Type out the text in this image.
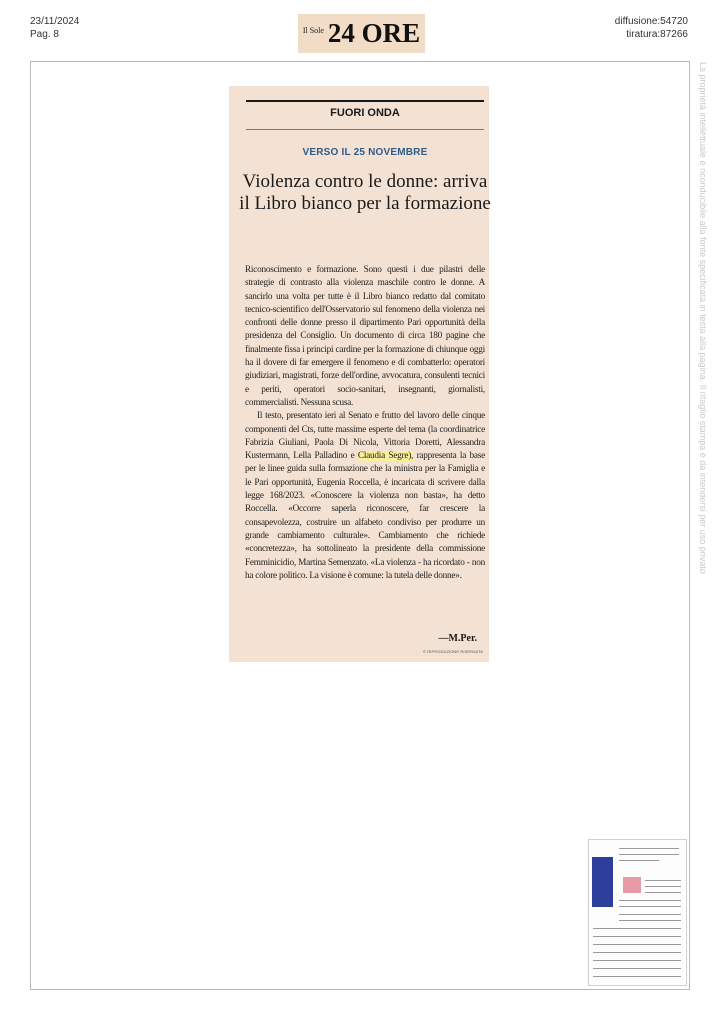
23/11/2024
Pag. 8	Il Sole 24 ORE	diffusione:54720
tiratura:87266
La proprietà intellettuale è riconducibile alla fonte specificata in testa alla pagina. Il ritaglio stampa è da intendersi per uso privato
FUORI ONDA
VERSO IL 25 NOVEMBRE
Violenza contro le donne: arriva il Libro bianco per la formazione

Riconoscimento e formazione. Sono questi i due pilastri delle strategie di contrasto alla violenza maschile contro le donne. A sancirlo una volta per tutte è il Libro bianco redatto dal comitato tecnico-scientifico dell'Osservatorio sul fenomeno della violenza nei confronti delle donne presso il dipartimento Pari opportunità della presidenza del Consiglio. Un documento di circa 180 pagine che finalmente fissa i principi cardine per la formazione di chiunque oggi ha il dovere di far emergere il fenomeno e di combatterlo: operatori giudiziari, magistrati, forze dell'ordine, avvocatura, consulenti tecnici e periti, operatori socio-sanitari, insegnanti, giornalisti, commercialisti. Nessuna scusa.

Il testo, presentato ieri al Senato e frutto del lavoro delle cinque componenti del Cts, tutte massime esperte del tema (la coordinatrice Fabrizia Giuliani, Paola Di Nicola, Vittoria Doretti, Alessandra Kustermann, Lella Palladino e Claudia Segre), rappresenta la base per le linee guida sulla formazione che la ministra per la Famiglia e le Pari opportunità, Eugenia Roccella, è incaricata di scrivere dalla legge 168/2023. «Conoscere la violenza non basta», ha detto Roccella. «Occorre saperla riconoscere, far crescere la consapevolezza, costruire un alfabeto condiviso per produrre un grande cambiamento culturale». Cambiamento che richiede «concretezza», ha sottolineato la presidente della commissione Femminicidio, Martina Semenzato. «La violenza - ha ricordato - non ha colore politico. La visione è comune: la tutela delle donne».

—M.Per.
© RIPRODUZIONE RISERVATA
